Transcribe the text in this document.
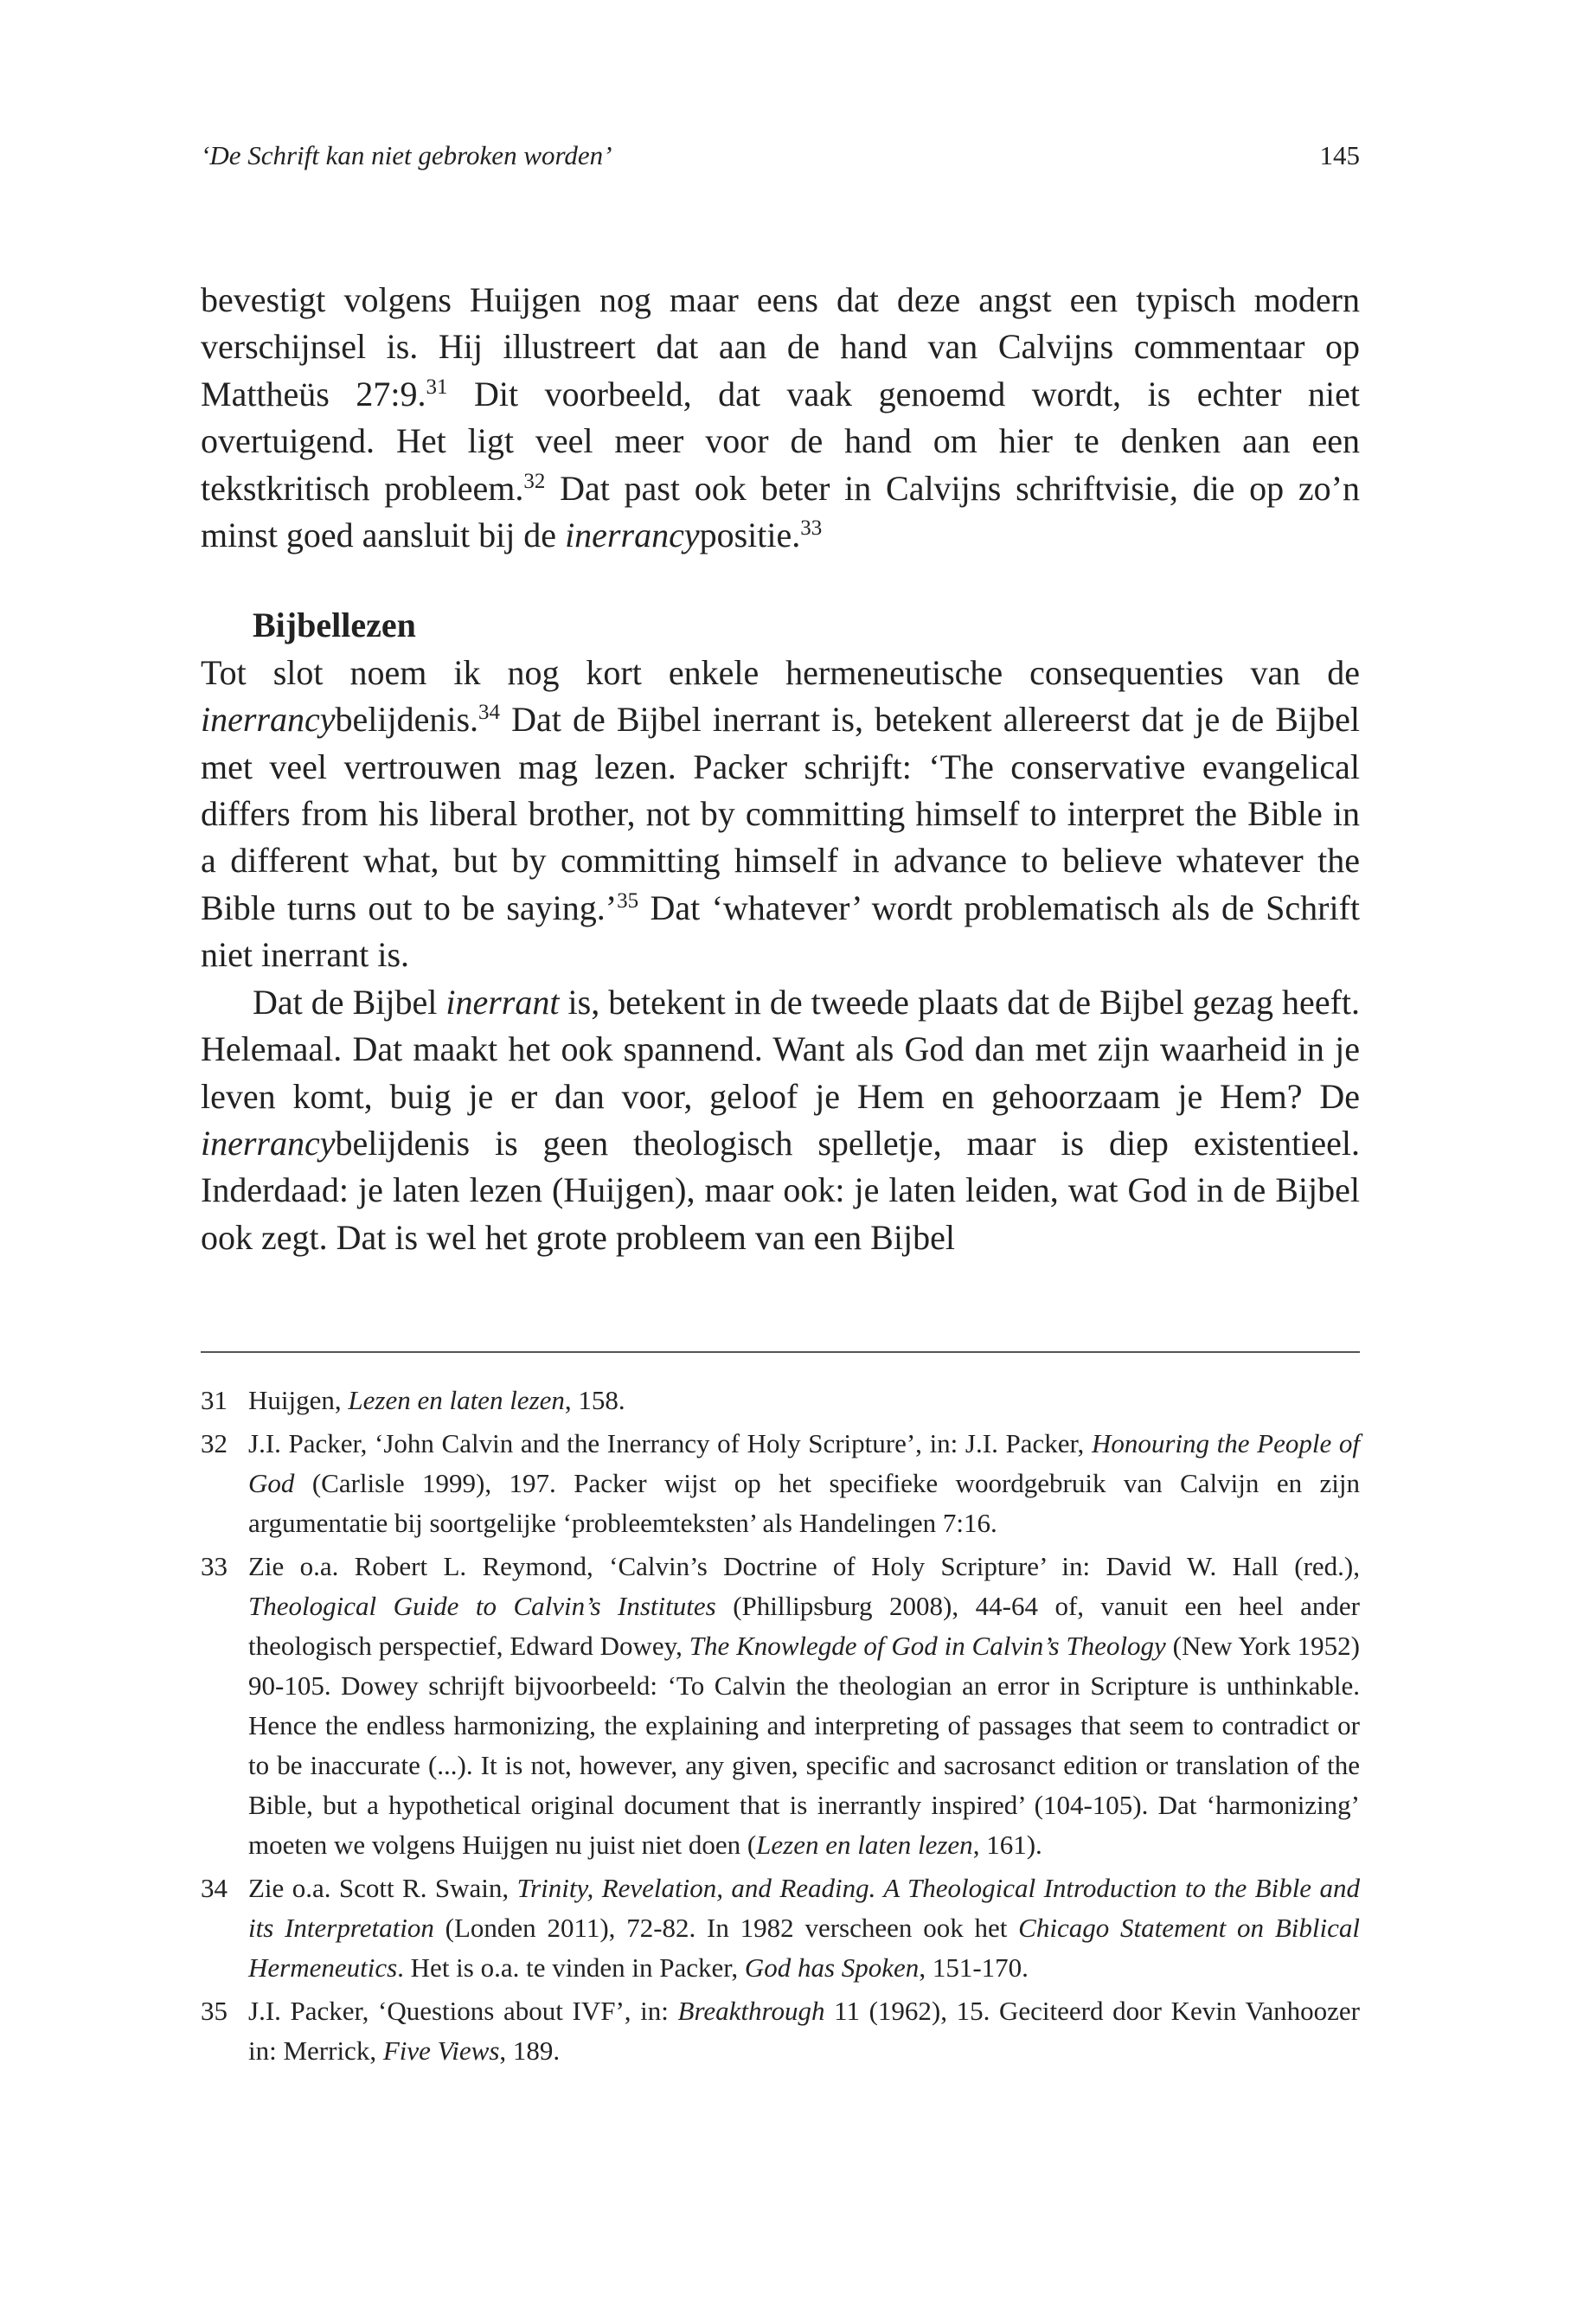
‘De Schrift kan niet gebroken worden’	145

bevestigt volgens Huijgen nog maar eens dat deze angst een typisch modern verschijnsel is. Hij illustreert dat aan de hand van Calvijns commentaar op Mattheüs 27:9.31 Dit voorbeeld, dat vaak genoemd wordt, is echter niet overtuigend. Het ligt veel meer voor de hand om hier te denken aan een tekstkritisch probleem.$^{32}$ Dat past ook beter in Calvijns schriftvisie, die op zo’n minst goed aansluit bij de inerrancypositie.$^{33}$

Bijbellezen

Tot slot noem ik nog kort enkele hermeneutische consequenties van de inerrancybelijdenis.$^{34}$ Dat de Bijbel inerrant is, betekent allereerst dat je de Bijbel met veel vertrouwen mag lezen. Packer schrijft: ‘The conservative evangelical differs from his liberal brother, not by committing himself to interpret the Bible in a different what, but by committing himself in advance to believe whatever the Bible turns out to be saying.’$^{35}$ Dat ‘whatever’ wordt problematisch als de Schrift niet inerrant is.

Dat de Bijbel inerrant is, betekent in de tweede plaats dat de Bijbel gezag heeft. Helemaal. Dat maakt het ook spannend. Want als God dan met zijn waarheid in je leven komt, buig je er dan voor, geloof je Hem en gehoorzaam je Hem? De inerrancybelijdenis is geen theologisch spelletje, maar is diep existentieel. Inderdaad: je laten lezen (Huijgen), maar ook: je laten leiden, wat God in de Bijbel ook zegt. Dat is wel het grote probleem van een Bijbel

31 Huijgen, Lezen en laten lezen, 158.

32 J.I. Packer, ‘John Calvin and the Inerrancy of Holy Scripture’, in: J.I. Packer, Honouring the People of God (Carlisle 1999), 197. Packer wijst op het specifieke woordgebruik van Calvijn en zijn argumentatie bij soortgelijke ‘probleemteksten’ als Handelingen 7:16.

33 Zie o.a. Robert L. Reymond, ‘Calvin’s Doctrine of Holy Scripture’ in: David W. Hall (red.), Theological Guide to Calvin’s Institutes (Phillipsburg 2008), 44-64 of, vanuit een heel ander theologisch perspectief, Edward Dowey, The Knowlegde of God in Calvin’s Theology (New York 1952) 90-105. Dowey schrijft bijvoorbeeld: ‘To Calvin the theologian an error in Scripture is unthinkable. Hence the endless harmonizing, the explaining and interpreting of passages that seem to contradict or to be inaccurate (...). It is not, however, any given, specific and sacrosanct edition or translation of the Bible, but a hypothetical original document that is inerrantly inspired’ (104-105). Dat ‘harmonizing’ moeten we volgens Huijgen nu juist niet doen (Lezen en laten lezen, 161).

34 Zie o.a. Scott R. Swain, Trinity, Revelation, and Reading. A Theological Introduction to the Bible and its Interpretation (Londen 2011), 72-82. In 1982 verscheen ook het Chicago Statement on Biblical Hermeneutics. Het is o.a. te vinden in Packer, God has Spoken, 151-170.

35 J.I. Packer, ‘Questions about IVF’, in: Breakthrough 11 (1962), 15. Geciteerd door Kevin Vanhoozer in: Merrick, Five Views, 189.
